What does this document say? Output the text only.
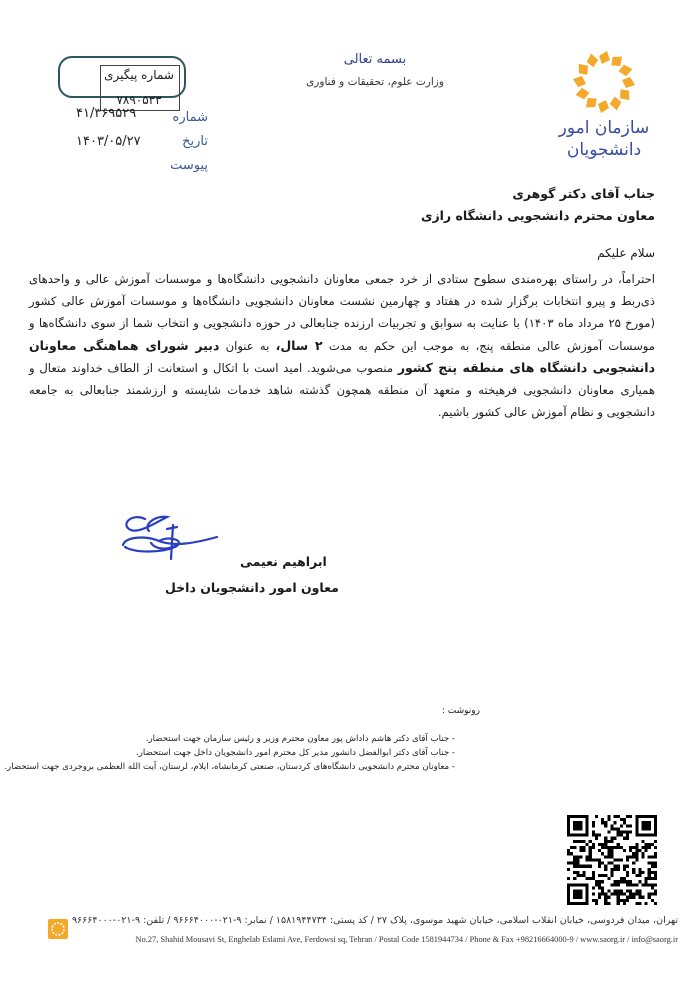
شماره پیگیری
۷۸۹۰۵۳۳
شماره
۴۱/۳۶۹۵۲۹
تاریخ
۱۴۰۳/۰۵/۲۷
پیوست
بسمه تعالی
وزارت علوم، تحقیقات و فناوری
سازمان امور
دانشجویان
جناب آقای دکتر گوهری
معاون محترم دانشجویی دانشگاه رازی
سلام علیکم
احتراماً، در راستای بهره‌مندی سطوح ستادی از خرد جمعی معاونان دانشجویی دانشگاه‌ها و موسسات آموزش عالی و واحدهای ذی‌ربط و پیرو انتخابات برگزار شده در هفتاد و چهارمین نشست معاونان دانشجویی دانشگاه‌ها و موسسات آموزش عالی کشور (مورخ ۲۵ مرداد ماه ۱۴۰۳) با عنایت به سوابق و تجربیات ارزنده جنابعالی در حوزه دانشجویی و انتخاب شما از سوی دانشگاه‌ها و موسسات آموزش عالی منطقه پنج، به موجب این حکم به مدت ۲ سال، به عنوان دبیر شورای هماهنگی معاونان دانشجویی دانشگاه های منطقه پنج کشور منصوب می‌شوید. امید است با اتکال و استعانت از الطاف خداوند متعال و همیاری معاونان دانشجویی فرهیخته و متعهد آن منطقه همچون گذشته شاهد خدمات شایسته و ارزشمند جنابعالی به جامعه دانشجویی و نظام آموزش عالی کشور باشیم.
ابراهیم نعیمی
معاون امور دانشجویان داخل
رونوشت :
- جناب آقای دکتر هاشم داداش پور معاون محترم وزیر و رئیس سازمان جهت استحضار.
- جناب آقای دکتر ابوالفضل دانشور مدیر کل محترم امور دانشجویان داخل جهت استحضار.
- معاونان محترم دانشجویی دانشگاه‌های کردستان، صنعتی کرمانشاه، ایلام، لرستان، آیت الله العظمی بروجردی جهت استحضار.
تهران، میدان فردوسی، خیابان انقلاب اسلامی، خیابان شهید موسوی، پلاک ۲۷ / کد پستی: ۱۵۸۱۹۴۴۷۳۴ / نمابر: ۹-۰۲۱-۹۶۶۶۴۰۰۰ / تلفن: ۹-۰۲۱-۹۶۶۶۴۰۰۰
No.27, Shahid Mousavi St, Enghelab Eslami Ave, Ferdowsi sq, Tehran / Postal Code 1581944734 / Phone & Fax +98216664000-9 / www.saorg.ir / info@saorg.ir
